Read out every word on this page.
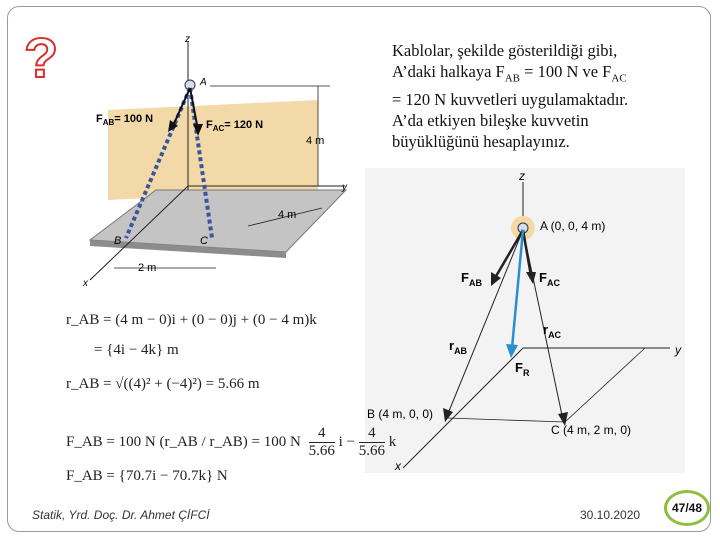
?	Kablolar, şekilde gösterildiği gibi,
A’daki halkaya $F_{AB} = 100$ N ve $F_{AC}$
= 120 N kuvvetleri uygulamaktadır.
A’da etkiyen bileşke kuvvetin
büyüklüğünü hesaplayınız.
z
y
x
A
$F_{AB}= 100$ N	$F_{AC}= 120$ N
4 m
4 m
2 m
B	C
z
y
x
A (0, 0, 4 m)
$F_{AB}$	$F_{AC}$
$r_{AC}$
$r_{AB}$
$F_R$
B (4 m, 0, 0)
C (4 m, 2 m, 0)
r_AB = (4 m − 0)i + (0 − 0)j + (0 − 4 m)k
= {4i − 4k} m
r_AB = √((4)² + (−4)²) = 5.66 m
F_AB = 100 N (r_AB / r_AB) = 100 N $\frac{4}{5.66}$ $i - \frac{4}{5.66}$ k
F_AB = {70.7i − 70.7k} N
Statik, Yrd. Doç. Dr. Ahmet ÇİFCİ	30.10.2020	47/48
